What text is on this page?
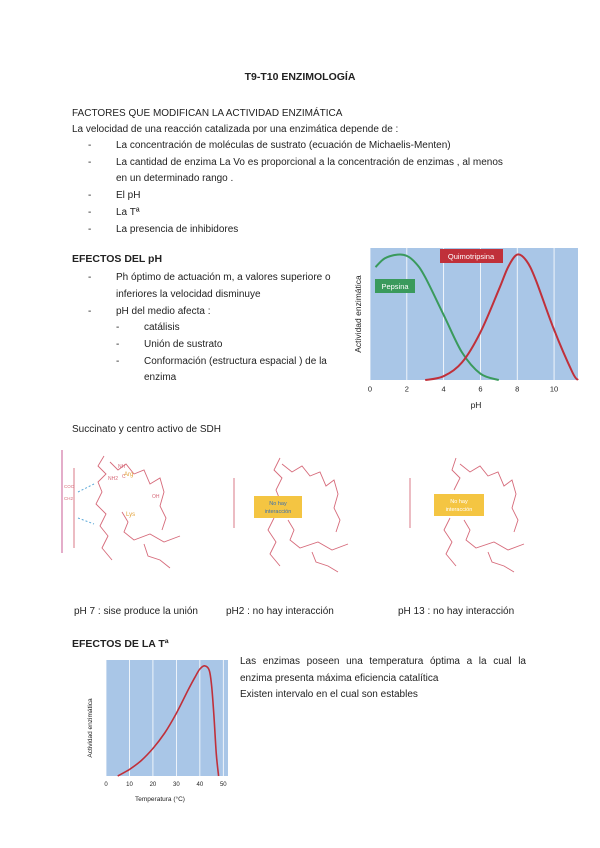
T9-T10 ENZIMOLOGÍA
FACTORES QUE MODIFICAN LA ACTIVIDAD ENZIMÁTICA
La velocidad de una reacción catalizada por una enzimática depende de :
- La concentración de moléculas de sustrato (ecuación de Michaelis-Menten)
- La cantidad de enzima La Vo es proporcional a la concentración de enzimas , al menos
en un determinado rango .
- El pH
- La Tª
- La presencia de inhibidores
EFECTOS DEL pH
- Ph óptimo de actuación m, a valores superiore o
inferiores la velocidad disminuye
- pH del medio afecta :
- catálisis
- Unión de sustrato
- Conformación (estructura espacial ) de la
enzima
Pepsina
Quimotripsina
0	2	4	6	8	10
pH
Actividad enzimática
Succinato y centro activo de SDH
NH
NH2 C
Arg
Lys
OH
COO
CH2
No hay
interacción
No hay
interacción
pH 7 : sise produce la unión	pH2 : no hay interacción	pH 13 : no hay interacción
EFECTOS DE LA Tª
Las enzimas poseen una temperatura óptima a la cual la
enzima presenta máxima eficiencia catalítica
Existen intervalo en el cual son estables
0	10	20	30	40	50
Temperatura (°C)
Actividad enzimática
